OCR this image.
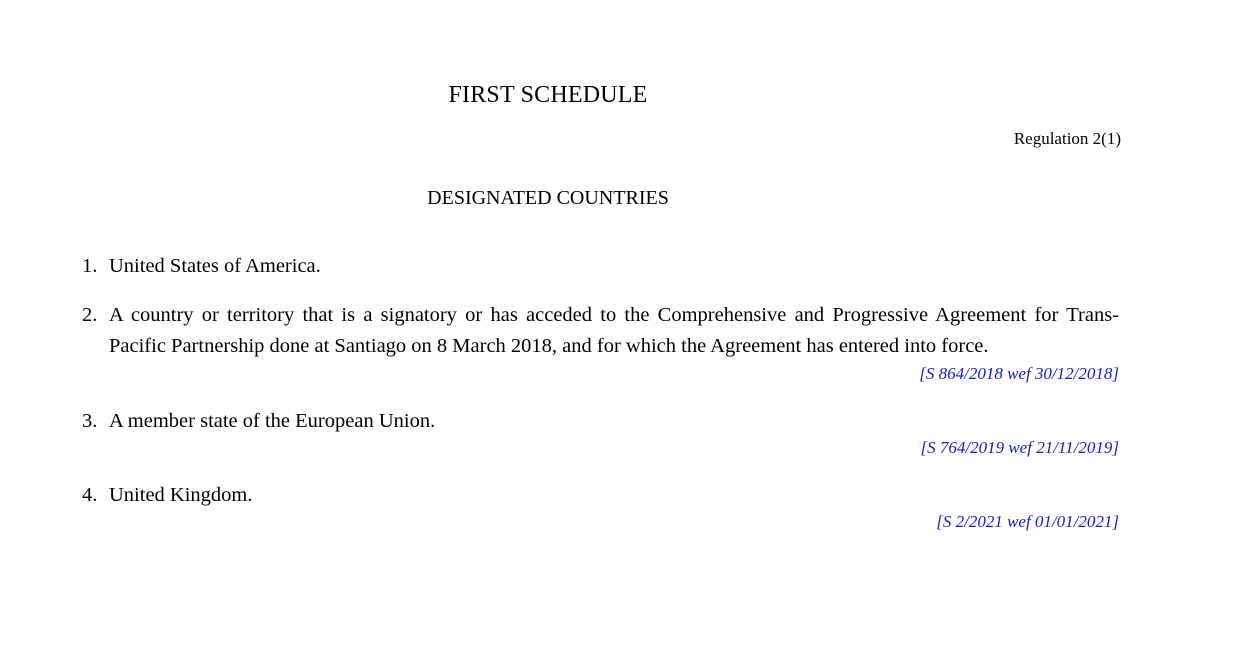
FIRST SCHEDULE
Regulation 2(1)
DESIGNATED COUNTRIES
1. United States of America.
2. A country or territory that is a signatory or has acceded to the Comprehensive and Progressive Agreement for Trans-Pacific Partnership done at Santiago on 8 March 2018, and for which the Agreement has entered into force.
[S 864/2018 wef 30/12/2018]
3. A member state of the European Union.
[S 764/2019 wef 21/11/2019]
4. United Kingdom.
[S 2/2021 wef 01/01/2021]
